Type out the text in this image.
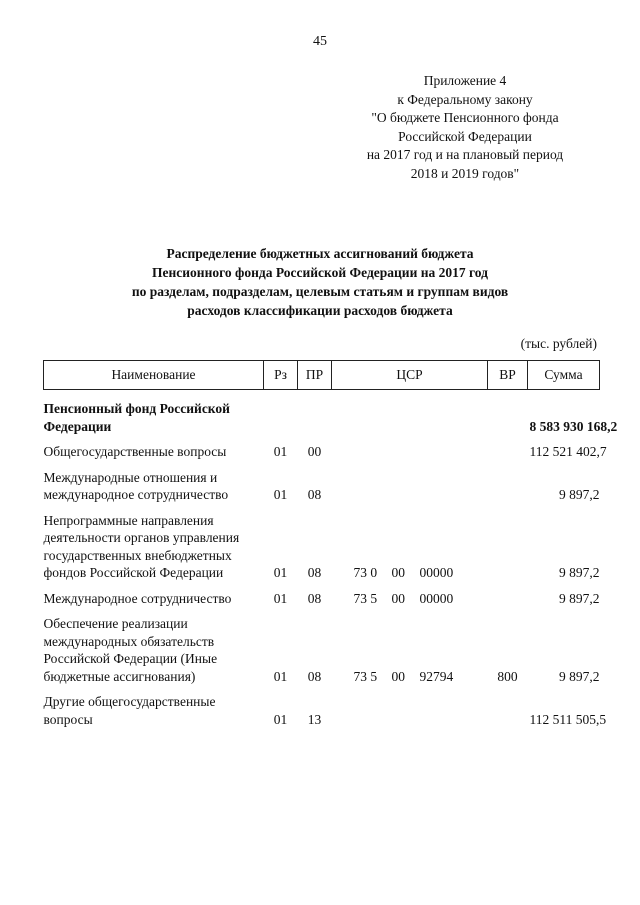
45
Приложение 4
к Федеральному закону
"О бюджете Пенсионного фонда
Российской Федерации
на 2017 год и на плановый период
2018 и 2019 годов"
Распределение бюджетных ассигнований бюджета
Пенсионного фонда Российской Федерации на 2017 год
по разделам, подразделам, целевым статьям и группам видов
расходов классификации расходов бюджета
(тыс. рублей)
Наименование	Рз	ПР	ЦСР	ВР	Сумма

Пенсионный фонд Российской Федерации					8 583 930 168,2
Общегосударственные вопросы	01	00			112 521 402,7
Международные отношения и международное сотрудничество	01	08			9 897,2
Непрограммные направления деятельности органов управления государственных внебюджетных фондов Российской Федерации	01	08	73 0 00 00000		9 897,2
Международное сотрудничество	01	08	73 5 00 00000		9 897,2
Обеспечение реализации международных обязательств Российской Федерации (Иные бюджетные ассигнования)	01	08	73 5 00 92794	800	9 897,2
Другие общегосударственные вопросы	01	13			112 511 505,5
